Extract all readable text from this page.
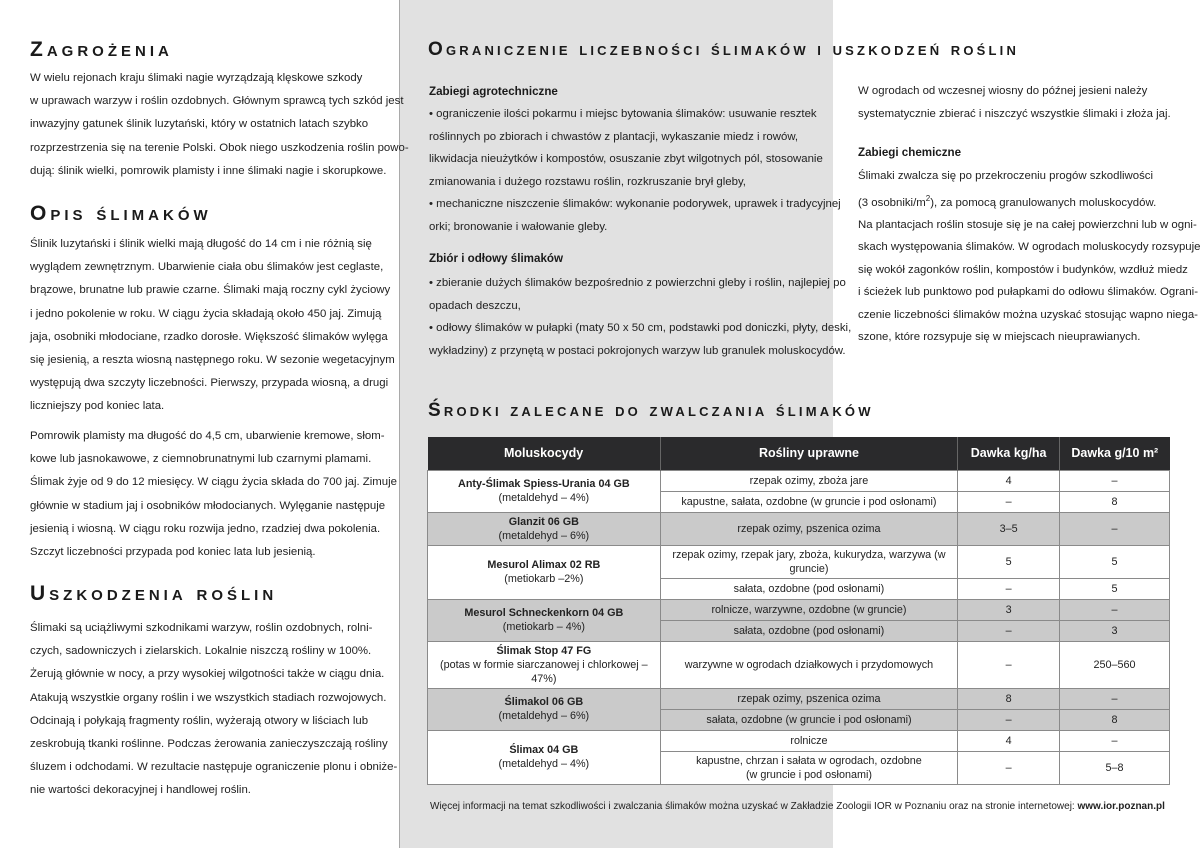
Zagrożenia
W wielu rejonach kraju ślimaki nagie wyrządzają klęskowe szkody
w uprawach warzyw i roślin ozdobnych. Głównym sprawcą tych szkód jest
inwazyjny gatunek ślinik luzytański, który w ostatnich latach szybko
rozprzestrzenia się na terenie Polski. Obok niego uszkodzenia roślin powo-
dują: ślinik wielki, pomrowik plamisty i inne ślimaki nagie i skorupkowe.
Opis ślimaków
Ślinik luzytański i ślinik wielki mają długość do 14 cm i nie różnią się
wyglądem zewnętrznym. Ubarwienie ciała obu ślimaków jest ceglaste,
brązowe, brunatne lub prawie czarne. Ślimaki mają roczny cykl życiowy
i jedno pokolenie w roku. W ciągu życia składają około 450 jaj. Zimują
jaja, osobniki młodociane, rzadko dorosłe. Większość ślimaków wylęga
się jesienią, a reszta wiosną następnego roku. W sezonie wegetacyjnym
występują dwa szczyty liczebności. Pierwszy, przypada wiosną, a drugi
liczniejszy pod koniec lata.
Pomrowik plamisty ma długość do 4,5 cm, ubarwienie kremowe, słom-
kowe lub jasnokawowe, z ciemnobrunatnymi lub czarnymi plamami.
Ślimak żyje od 9 do 12 miesięcy. W ciągu życia składa do 700 jaj. Zimuje
głównie w stadium jaj i osobników młodocianych. Wylęganie następuje
jesienią i wiosną. W ciągu roku rozwija jedno, rzadziej dwa pokolenia.
Szczyt liczebności przypada pod koniec lata lub jesienią.
Uszkodzenia roślin
Ślimaki są uciążliwymi szkodnikami warzyw, roślin ozdobnych, rolni-
czych, sadowniczych i zielarskich. Lokalnie niszczą rośliny w 100%.
Żerują głównie w nocy, a przy wysokiej wilgotności także w ciągu dnia.
Atakują wszystkie organy roślin i we wszystkich stadiach rozwojowych.
Odcinają i połykają fragmenty roślin, wyżerają otwory w liściach lub
zeskrobują tkanki roślinne. Podczas żerowania zanieczyszczają rośliny
śluzem i odchodami. W rezultacie następuje ograniczenie plonu i obniże-
nie wartości dekoracyjnej i handlowej roślin.
Ograniczenie liczebności ślimaków i uszkodzeń roślin
Zabiegi agrotechniczne
• ograniczenie ilości pokarmu i miejsc bytowania ślimaków: usuwanie resztek
roślinnych po zbiorach i chwastów z plantacji, wykaszanie miedz i rowów,
likwidacja nieużytków i kompostów, osuszanie zbyt wilgotnych pól, stosowanie
zmianowania i dużego rozstawu roślin, rozkruszanie brył gleby,
• mechaniczne niszczenie ślimaków: wykonanie podorywek, uprawek i tradycyjnej
orki; bronowanie i wałowanie gleby.
Zbiór i odłowy ślimaków
• zbieranie dużych ślimaków bezpośrednio z powierzchni gleby i roślin, najlepiej po
opadach deszczu,
• odłowy ślimaków w pułapki (maty 50 x 50 cm, podstawki pod doniczki, płyty, deski,
wykładziny) z przynętą w postaci pokrojonych warzyw lub granulek moluskocydów.
W ogrodach od wczesnej wiosny do późnej jesieni należy
systematycznie zbierać i niszczyć wszystkie ślimaki i złoża jaj.
Zabiegi chemiczne
Ślimaki zwalcza się po przekroczeniu progów szkodliwości
(3 osobniki/$m^2$), za pomocą granulowanych moluskocydów.
Na plantacjach roślin stosuje się je na całej powierzchni lub w ogni-
skach występowania ślimaków. W ogrodach moluskocydy rozsypuje
się wokół zagonków roślin, kompostów i budynków, wzdłuż miedz
i ścieżek lub punktowo pod pułapkami do odłowu ślimaków. Ograni-
czenie liczebności ślimaków można uzyskać stosując wapno niega-
szone, które rozsypuje się w miejscach nieuprawianych.
Środki zalecane do zwalczania ślimaków
Moluskocydy	Rośliny uprawne	Dawka kg/ha	Dawka g/10 m²

Anty-Ślimak Spiess-Urania 04 GB
(metaldehyd – 4%)	rzepak ozimy, zboża jare	4	–
	kapustne, sałata, ozdobne (w gruncie i pod osłonami)	–	8

Glanzit 06 GB
(metaldehyd – 6%)	rzepak ozimy, pszenica ozima	3–5	–

Mesurol Alimax 02 RB
(metiokarb –2%)	rzepak ozimy, rzepak jary, zboża, kukurydza, warzywa (w gruncie)	5	5
	sałata, ozdobne (pod osłonami)	–	5

Mesurol Schneckenkorn 04 GB
(metiokarb – 4%)	rolnicze, warzywne, ozdobne (w gruncie)	3	–
	sałata, ozdobne (pod osłonami)	–	3

Ślimak Stop 47 FG
(potas w formie siarczanowej i chlorkowej – 47%)	warzywne w ogrodach działkowych i przydomowych	–	250–560

Ślimakol 06 GB
(metaldehyd – 6%)	rzepak ozimy, pszenica ozima	8	–
	sałata, ozdobne (w gruncie i pod osłonami)	–	8

Ślimax 04 GB
(metaldehyd – 4%)	rolnicze	4	–
	kapustne, chrzan i sałata w ogrodach, ozdobne
(w gruncie i pod osłonami)	–	5–8
Więcej informacji na temat szkodliwości i zwalczania ślimaków można uzyskać w Zakładzie Zoologii IOR w Poznaniu oraz na stronie internetowej: www.ior.poznan.pl
